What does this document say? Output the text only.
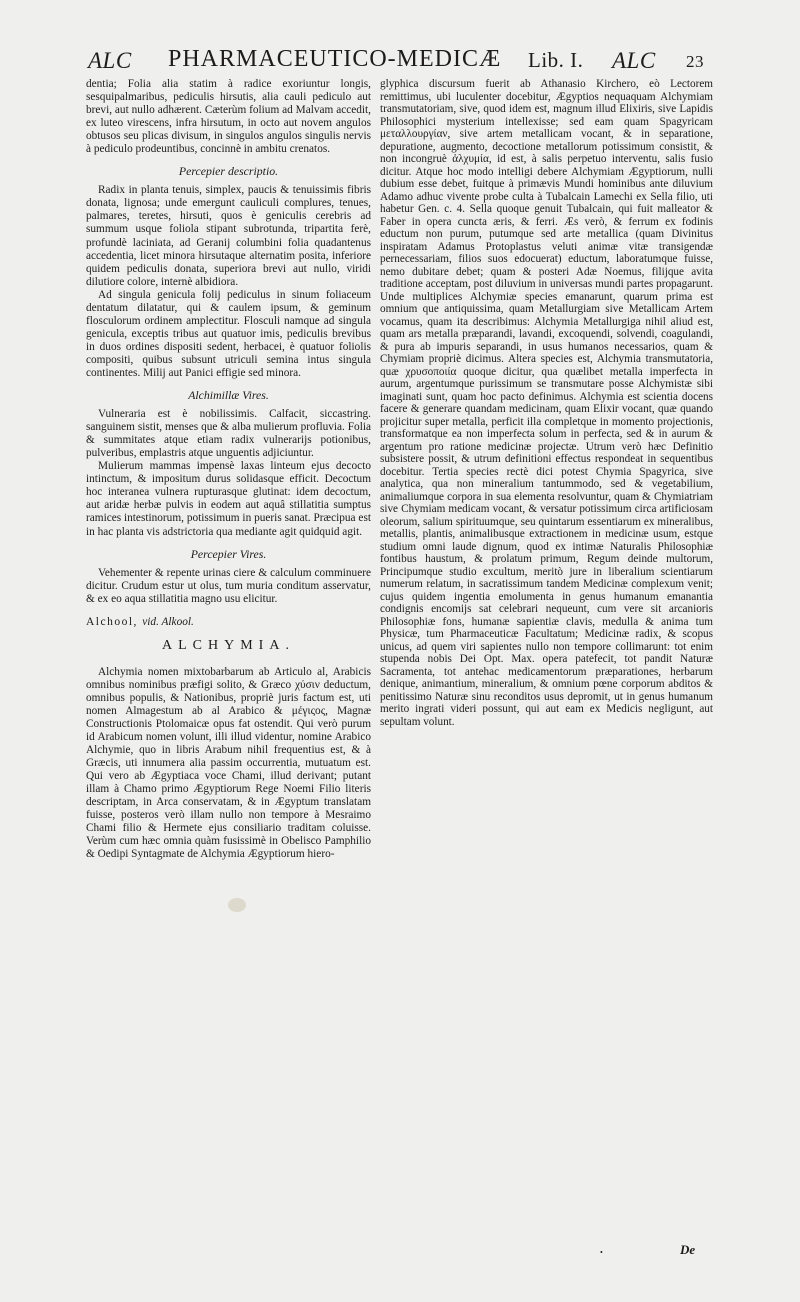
ALC PHARMACEUTICO-MEDICÆ Lib. I. ALC 23

dentia; Folia alia statim à radice exoriuntur longis, sesquipalmaribus, pediculis hirsutis, alia cauli pediculo aut brevi, aut nullo adhærent. Cæterùm folium ad Malvam accedit, ex luteo virescens, infra hirsutum, in octo aut novem angulos obtusos seu plicas divisum, in singulos angulos singulis nervis à pediculo prodeuntibus, concinnè in ambitu crenatos.

Percepier descriptio.

Radix in planta tenuis, simplex, paucis & tenuissimis fibris donata, lignosa; unde emergunt cauliculi complures, tenues, palmares, teretes, hirsuti, quos è geniculis cerebris ad summum usque foliola stipant subrotunda, tripartita ferè, profundè laciniata, ad Geranij columbini folia quadantenus accedentia, licet minora hirsutaque alternatim posita, inferiore quidem pediculis donata, superiora brevi aut nullo, viridi dilutiore colore, internè albidiora.

Ad singula genicula folij pediculus in sinum foliaceum dentatum dilatatur, qui & caulem ipsum, & geminum flosculorum ordinem amplectitur. Flosculi namque ad singula genicula, exceptis tribus aut quatuor imis, pediculis brevibus in duos ordines dispositi sedent, herbacei, è quatuor foliolis compositi, quibus subsunt utriculi semina intus singula continentes. Milij aut Panici effigie sed minora.

Alchimillæ Vires.

Vulneraria est è nobilissimis. Calfacit, siccastring. sanguinem sistit, menses que & alba mulierum profluvia. Folia & summitates atque etiam radix vulnerarijs potionibus, pulveribus, emplastris atque unguentis adjiciuntur.

Mulierum mammas impensè laxas linteum ejus decocto intinctum, & impositum durus solidasque efficit. Decoctum hoc interanea vulnera rupturasque glutinat: idem decoctum, aut aridæ herbæ pulvis in eodem aut aquâ stillatitia sumptus ramices intestinorum, potissimum in pueris sanat. Præcipua est in hac planta vis adstrictoria qua mediante agit quidquid agit.

Percepier Vires.

Vehementer & repente urinas ciere & calculum comminuere dicitur. Crudum estur ut olus, tum muria conditum asservatur, & ex eo aqua stillatitia magno usu elicitur.

Alchool, vid. Alkool.
ALCHYMIA.

Alchymia nomen mixtobarbarum ab Articulo al, Arabicis omnibus nominibus præfigi solito, & Græco χύσιν deductum, omnibus populis, & Nationibus, propriè juris factum est, uti nomen Almagestum ab al Arabico & μέγιςος, Magnæ Constructionis Ptolomaicæ opus fat ostendit. Qui verò purum id Arabicum nomen volunt, illi illud videntur, nomine Arabico Alchymie, quo in libris Arabum nihil frequentius est, & à Græcis, uti innumera alia passim occurrentia, mutuatum est. Qui vero ab Ægyptiaca voce Chami, illud derivant; putant illam à Chamo primo Ægyptiorum Rege Noemi Filio literis descriptam, in Arca conservatam, & in Ægyptum translatam fuisse, posteros verò illam nullo non tempore à Mesraimo Chami filio & Hermete ejus consiliario traditam coluisse. Verùm cum hæc omnia quàm fusissimè in Obelisco Pamphilio & Oedipi Syntagmate de Alchymia Ægyptiorum hiero-

glyphica discursum fuerit ab Athanasio Kirchero, eò Lectorem remittimus, ubi luculenter docebitur, Ægyptios nequaquam Alchymiam transmutatoriam, sive, quod idem est, magnum illud Elixiris, sive Lapidis Philosophici mysterium intellexisse; sed eam quam Spagyricam μεταλλουργίαν, sive artem metallicam vocant, & in separatione, depuratione, augmento, decoctione metallorum potissimum consistit, & non incongruè ἀλχυμία, id est, à salis perpetuo interventu, salis fusio dicitur. Atque hoc modo intelligi debere Alchymiam Ægyptiorum, nulli dubium esse debet, fuitque à primævis Mundi hominibus ante diluvium Adamo adhuc vivente probe culta à Tubalcain Lamechi ex Sella filio, uti habetur Gen. c. 4. Sella quoque genuit Tubalcain, qui fuit malleator & Faber in opera cuncta æris, & ferri. Æs verò, & ferrum ex fodinis eductum non purum, putumque sed arte metallica (quam Divinitus inspiratam Adamus Protoplastus veluti animæ vitæ transigendæ pernecessariam, filios suos edocuerat) eductum, laboratumque fuisse, nemo dubitare debet; quam & posteri Adæ Noemus, filijque avita traditione acceptam, post diluvium in universas mundi partes propagarunt. Unde multiplices Alchymiæ species emanarunt, quarum prima est omnium que antiquissima, quam Metallurgiam sive Metallicam Artem vocamus, quam ita describimus: Alchymia Metallurgiga nihil aliud est, quam ars metalla præparandi, lavandi, excoquendi, solvendi, coagulandi, & pura ab impuris separandi, in usus humanos necessarios, quam & Chymiam propriè dicimus. Altera species est, Alchymia transmutatoria, quæ χρυσοποιία quoque dicitur, qua quælibet metalla imperfecta in aurum, argentumque purissimum se transmutare posse Alchymistæ sibi imaginati sunt, quam hoc pacto definimus. Alchymia est scientia docens facere & generare quandam medicinam, quam Elixir vocant, quæ quando projicitur super metalla, perficit illa completque in momento projectionis, transformatque ea non imperfecta solum in perfecta, sed & in aurum & argentum pro ratione medicinæ projectæ. Utrum verò hæc Definitio subsistere possit, & utrum definitioni effectus respondeat in sequentibus docebitur. Tertia species rectè dici potest Chymia Spagyrica, sive analytica, qua non mineralium tantummodo, sed & vegetabilium, animaliumque corpora in sua elementa resolvuntur, quam & Chymiatriam sive Chymiam medicam vocant, & versatur potissimum circa artificiosam oleorum, salium spirituumque, seu quintarum essentiarum ex mineralibus, metallis, plantis, animalibusque extractionem in medicinæ usum, estque studium omni laude dignum, quod ex intimæ Naturalis Philosophiæ fontibus haustum, & prolatum primum, Regum deinde multorum, Principumque studio excultum, meritò jure in liberalium scientiarum numerum relatum, in sacratissimum tandem Medicinæ complexum venit; cujus quidem ingentia emolumenta in genus humanum emanantia condignis encomijs sat celebrari nequeunt, cum vere sit arcanioris Philosophiæ fons, humanæ sapientiæ clavis, medulla & anima tum Physicæ, tum Pharmaceuticæ Facultatum; Medicinæ radix, & scopus unicus, ad quem viri sapientes nullo non tempore collimarunt: tot enim stupenda nobis Dei Opt. Max. opera patefecit, tot pandit Naturæ Sacramenta, tot antehac medicamentorum præparationes, herbarum denique, animantium, mineralium, & omnium pœne corporum abditos & penitissimo Naturæ sinu reconditos usus depromit, ut in genus humanum merito ingrati videri possunt, qui aut eam ex Medicis negligunt, aut sepultam volunt.

•	De
